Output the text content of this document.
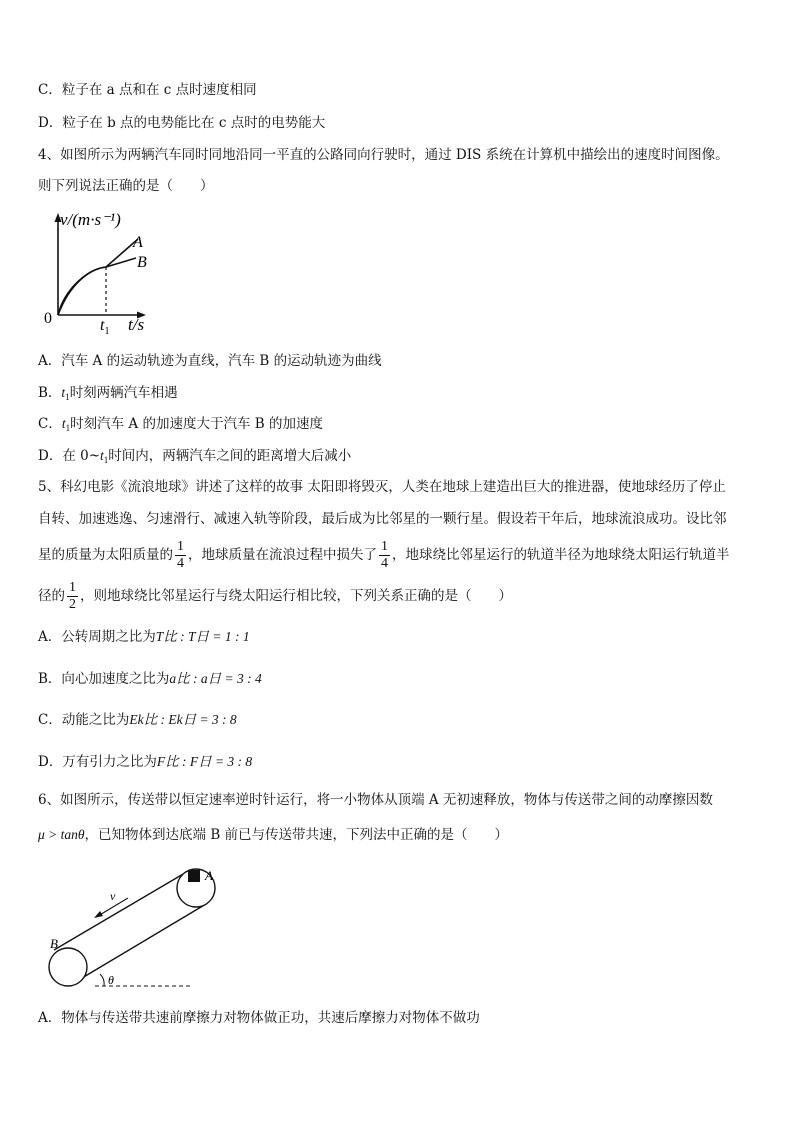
C．粒子在 a 点和在 c 点时速度相同
D．粒子在 b 点的电势能比在 c 点时的电势能大
4、如图所示为两辆汽车同时同地沿同一平直的公路同向行驶时，通过 DIS 系统在计算机中描绘出的速度时间图像。
则下列说法正确的是（　　）
v/(m·s⁻¹)
0	t/s
$t_1$
A
B
A．汽车 A 的运动轨迹为直线，汽车 B 的运动轨迹为曲线
B．$t_1$时刻两辆汽车相遇
C．$t_1$时刻汽车 A 的加速度大于汽车 B 的加速度
D．在 $0\sim t_1$时间内，两辆汽车之间的距离增大后减小
5、科幻电影《流浪地球》讲述了这样的故事 太阳即将毁灭，人类在地球上建造出巨大的推进器，使地球经历了停止
自转、加速逃逸、匀速滑行、减速入轨等阶段，最后成为比邻星的一颗行星。假设若干年后，地球流浪成功。设比邻
星的质量为太阳质量的 $\frac{1}{4}$ ，地球质量在流浪过程中损失了 $\frac{1}{4}$ ，地球绕比邻星运行的轨道半径为地球绕太阳运行轨道半
径的 $\frac{1}{2}$ ，则地球绕比邻星运行与绕太阳运行相比较，下列关系正确的是（　　）
A．公转周期之比为T比 : T日 = 1 : 1
B．向心加速度之比为a比 : a日 = 3 : 4
C．动能之比为Ek比 : Ek日 = 3 : 8
D．万有引力之比为F比 : F日 = 3 : 8
6、如图所示，传送带以恒定速率逆时针运行，将一小物体从顶端 A 无初速释放，物体与传送带之间的动摩擦因数
μ > tanθ，已知物体到达底端 B 前已与传送带共速，下列法中正确的是（　　）
A
B
v
θ
A．物体与传送带共速前摩擦力对物体做正功，共速后摩擦力对物体不做功
